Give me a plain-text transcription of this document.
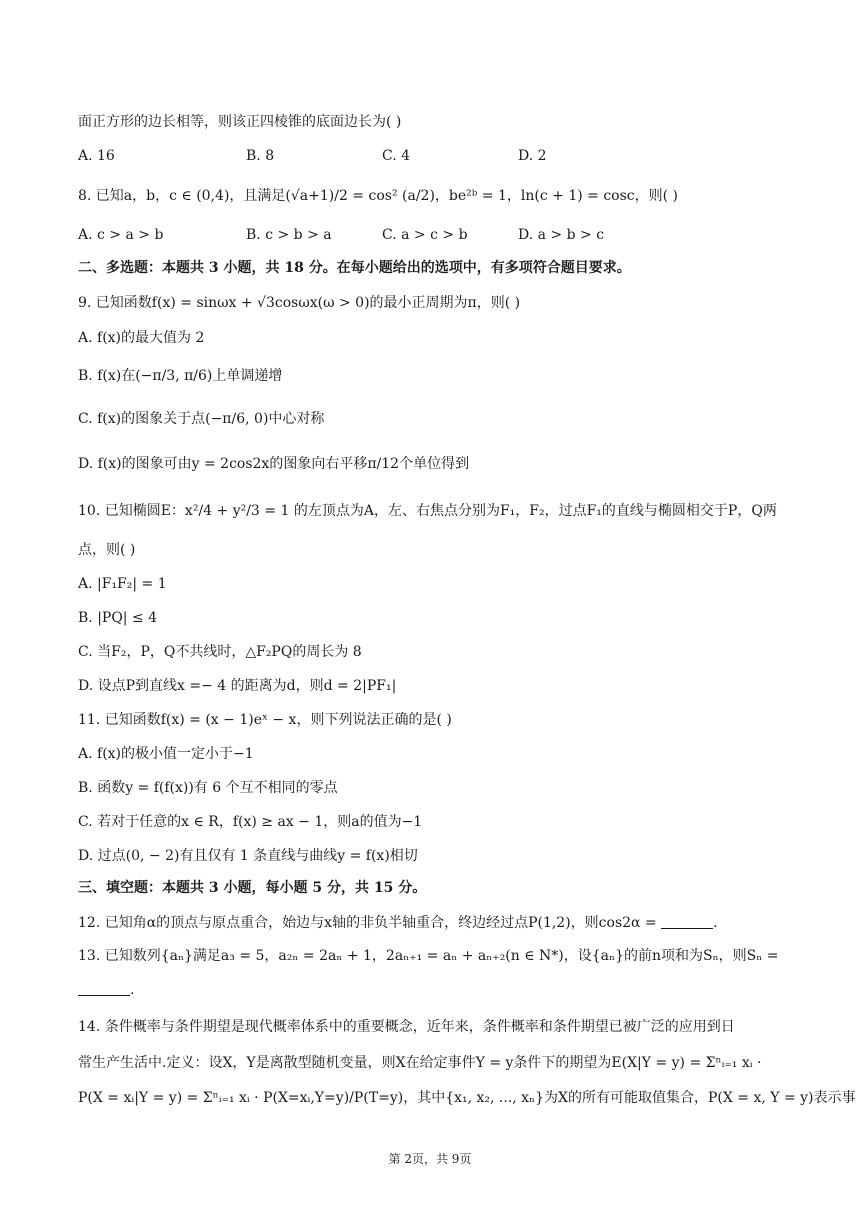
面正方形的边长相等，则该正四棱锥的底面边长为( )
A. 16	B. 8	C. 4	D. 2
8. 已知a，b，c ∈ (0,4)，且满足(√a+1)/2 = cos² (a/2)，be²ᵇ = 1，ln(c + 1) = cosc，则( )
A. c > a > b	B. c > b > a	C. a > c > b	D. a > b > c
二、多选题：本题共 3 小题，共 18 分。在每小题给出的选项中，有多项符合题目要求。
9. 已知函数f(x) = sinωx + √3cosωx(ω > 0)的最小正周期为π，则( )
A. f(x)的最大值为 2
B. f(x)在(−π/3, π/6)上单调递增
C. f(x)的图象关于点(−π/6, 0)中心对称
D. f(x)的图象可由y = 2cos2x的图象向右平移π/12个单位得到
10. 已知椭圆E：x²/4 + y²/3 = 1 的左顶点为A，左、右焦点分别为F₁，F₂，过点F₁的直线与椭圆相交于P，Q两
点，则( )
A. |F₁F₂| = 1
B. |PQ| ≤ 4
C. 当F₂，P，Q不共线时，△F₂PQ的周长为 8
D. 设点P到直线x =− 4 的距离为d，则d = 2|PF₁|
11. 已知函数f(x) = (x − 1)eˣ − x，则下列说法正确的是( )
A. f(x)的极小值一定小于−1
B. 函数y = f(f(x))有 6 个互不相同的零点
C. 若对于任意的x ∈ R，f(x) ≥ ax − 1，则a的值为−1
D. 过点(0, − 2)有且仅有 1 条直线与曲线y = f(x)相切
三、填空题：本题共 3 小题，每小题 5 分，共 15 分。
12. 已知角α的顶点与原点重合，始边与x轴的非负半轴重合，终边经过点P(1,2)，则cos2α =	.
13. 已知数列{aₙ}满足a₃ = 5，a₂ₙ = 2aₙ + 1，2aₙ₊₁ = aₙ + aₙ₊₂(n ∈ N*)，设{aₙ}的前n项和为Sₙ，则Sₙ =
.
14. 条件概率与条件期望是现代概率体系中的重要概念，近年来，条件概率和条件期望已被广泛的应用到日
常生产生活中.定义：设X，Y是离散型随机变量，则X在给定事件Y = y条件下的期望为E(X|Y = y) = Σⁿᵢ₌₁ xᵢ ·
P(X = xᵢ|Y = y) = Σⁿᵢ₌₁ xᵢ · P(X=xᵢ,Y=y)/P(T=y)，其中{x₁, x₂, ..., xₙ}为X的所有可能取值集合，P(X = x, Y = y)表示事
第 2页，共 9页
